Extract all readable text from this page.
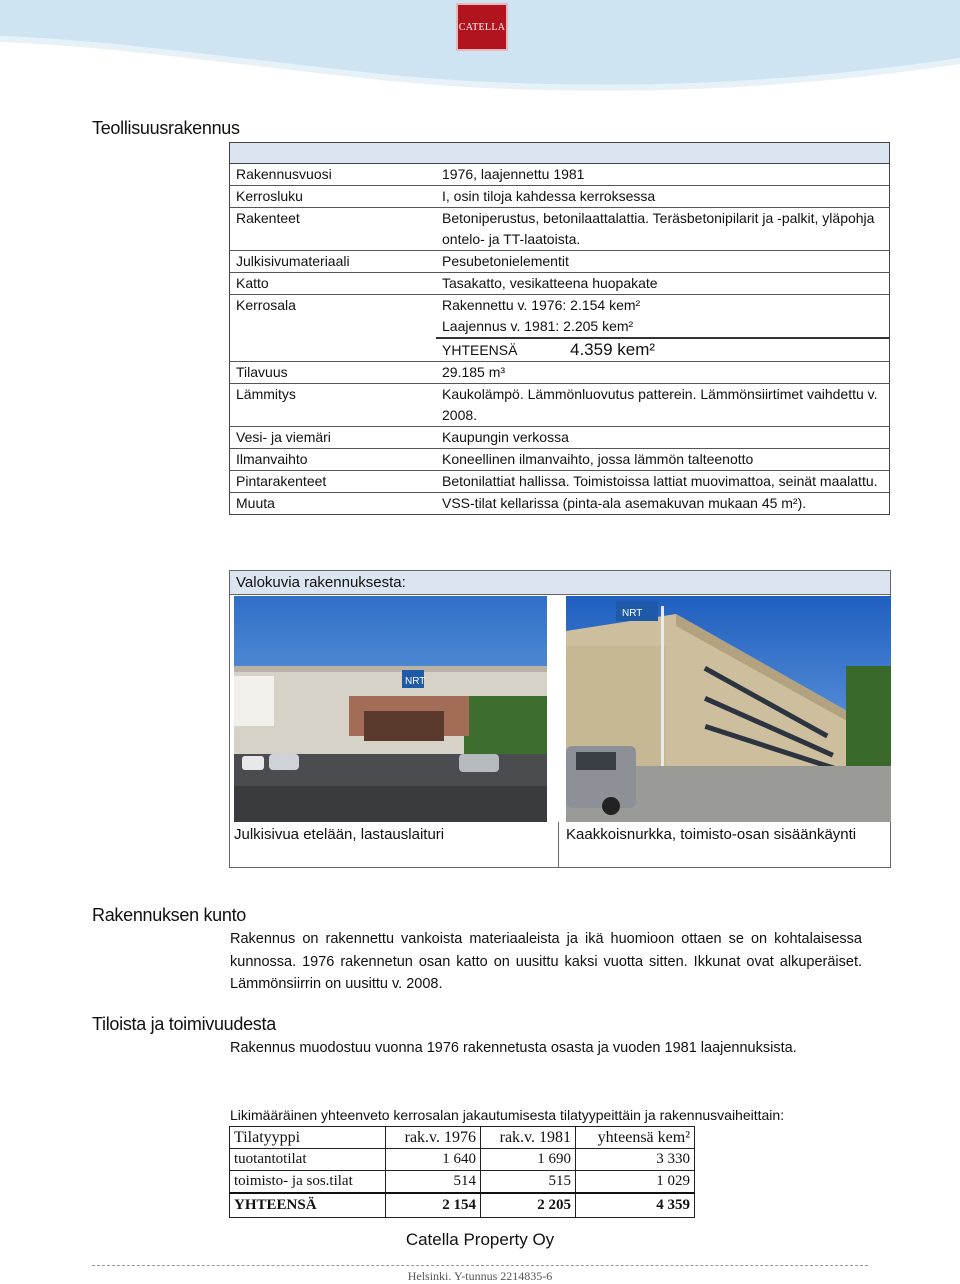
CATELLA
Teollisuusrakennus

Rakennusvuosi	1976, laajennettu 1981
Kerrosluku	I, osin tiloja kahdessa kerroksessa
Rakenteet	Betoniperustus, betonilaattalattia. Teräsbetonipilarit ja -palkit, yläpohja ontelo- ja TT-laatoista.
Julkisivumateriaali	Pesubetonielementit
Katto	Tasakatto, vesikatteena huopakate
Kerrosala	Rakennettu v. 1976: 2.154 kem²
	Laajennus v. 1981: 2.205 kem²
	YHTEENSÄ 4.359 kem²
Tilavuus	29.185 m³
Lämmitys	Kaukolämpö. Lämmönluovutus patterein. Lämmönsiirtimet vaihdettu v. 2008.
Vesi- ja viemäri	Kaupungin verkossa
Ilmanvaihto	Koneellinen ilmanvaihto, jossa lämmön talteenotto
Pintarakenteet	Betonilattiat hallissa. Toimistoissa lattiat muovimattoa, seinät maalattu.
Muuta	VSS-tilat kellarissa (pinta-ala asemakuvan mukaan 45 m²).
Valokuvia rakennuksesta:
NRT
NRT
Julkisivua etelään, lastauslaituri	Kaakkoisnurkka, toimisto-osan sisäänkäynti
Rakennuksen kunto
Rakennus on rakennettu vankoista materiaaleista ja ikä huomioon ottaen se on kohtalaisessa kunnossa. 1976 rakennetun osan katto on uusittu kaksi vuotta sitten. Ikkunat ovat alkuperäiset. Lämmönsiirrin on uusittu v. 2008.
Tiloista ja toimivuudesta
Rakennus muodostuu vuonna 1976 rakennetusta osasta ja vuoden 1981 laajennuksista.
Likimääräinen yhteenveto kerrosalan jakautumisesta tilatyypeittäin ja rakennusvaiheittain:
Tilatyyppi	rak.v. 1976	rak.v. 1981	yhteensä kem²
tuotantotilat	1 640	1 690	3 330
toimisto- ja sos.tilat	514	515	1 029
YHTEENSÄ	2 154	2 205	4 359
Catella Property Oy
Helsinki. Y-tunnus 2214835-6
